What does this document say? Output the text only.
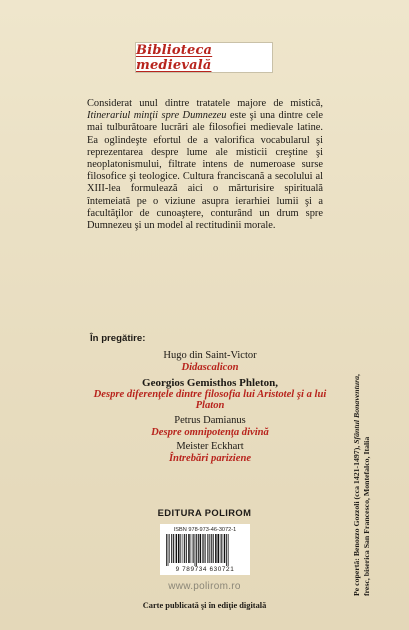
Biblioteca medievală

Considerat unul dintre tratatele majore de mistică, Itinerariul minţii spre Dumnezeu este şi una dintre cele mai tulburătoare lucrări ale filosofiei medievale latine. Ea oglindeşte efortul de a valorifica vocabularul şi reprezentarea despre lume ale misticii creştine şi neoplatonismului, filtrate intens de numeroase surse filosofice şi teologice. Cultura franciscană a secolului al XIII-lea formulează aici o mărturisire spirituală întemeiată pe o viziune asupra ierarhiei lumii şi a facultăţilor de cunoaştere, conturând un drum spre Dumnezeu şi un model al rectitudinii morale.

În pregătire:
Hugo din Saint-Victor
Didascalicon
Georgios Gemisthos Phleton,
Despre diferenţele dintre filosofia lui Aristotel şi a lui Platon
Petrus Damianus
Despre omnipotenţa divină
Meister Eckhart
Întrebări pariziene
EDITURA POLIROM
ISBN 978-973-46-3072-1
9 789734 630721
www.polirom.ro
Carte publicată şi în ediţie digitală
Pe copertă: Benozzo Gozzoli (cca 1421-1497), Sfântul Bonaventura,
fresc, biserica San Francesco, Montefalco, Italia
